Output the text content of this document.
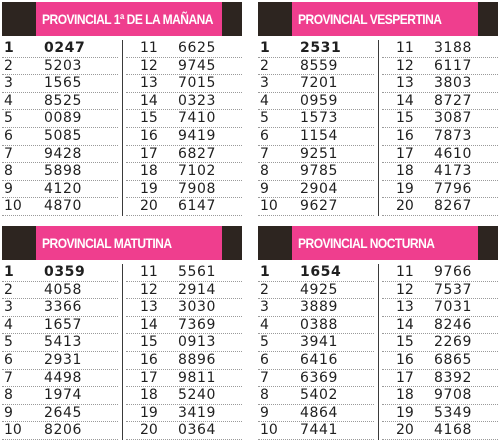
PROVINCIAL 1ª DE LA MAÑANA
1 0247
2 5203
3 1565
4 8525
5 0089
6 5085
7 9428
8 5898
9 4120
10 4870
11 6625
12 9745
13 7015
14 0323
15 7410
16 9419
17 6827
18 7102
19 7908
20 6147
PROVINCIAL VESPERTINA
1 2531
2 8559
3 7201
4 0959
5 1573
6 1154
7 9251
8 9785
9 2904
10 9627
11 3188
12 6117
13 3803
14 8727
15 3087
16 7873
17 4610
18 4173
19 7796
20 8267
PROVINCIAL MATUTINA
1 0359
2 4058
3 3366
4 1657
5 5413
6 2931
7 4498
8 1974
9 2645
10 8206
11 5561
12 2914
13 3030
14 7369
15 0913
16 8896
17 9811
18 5240
19 3419
20 0364
PROVINCIAL NOCTURNA
1 1654
2 4925
3 3889
4 0388
5 3941
6 6416
7 6369
8 5402
9 4864
10 7441
11 9766
12 7537
13 7031
14 8246
15 2269
16 6865
17 8392
18 9708
19 5349
20 4168
